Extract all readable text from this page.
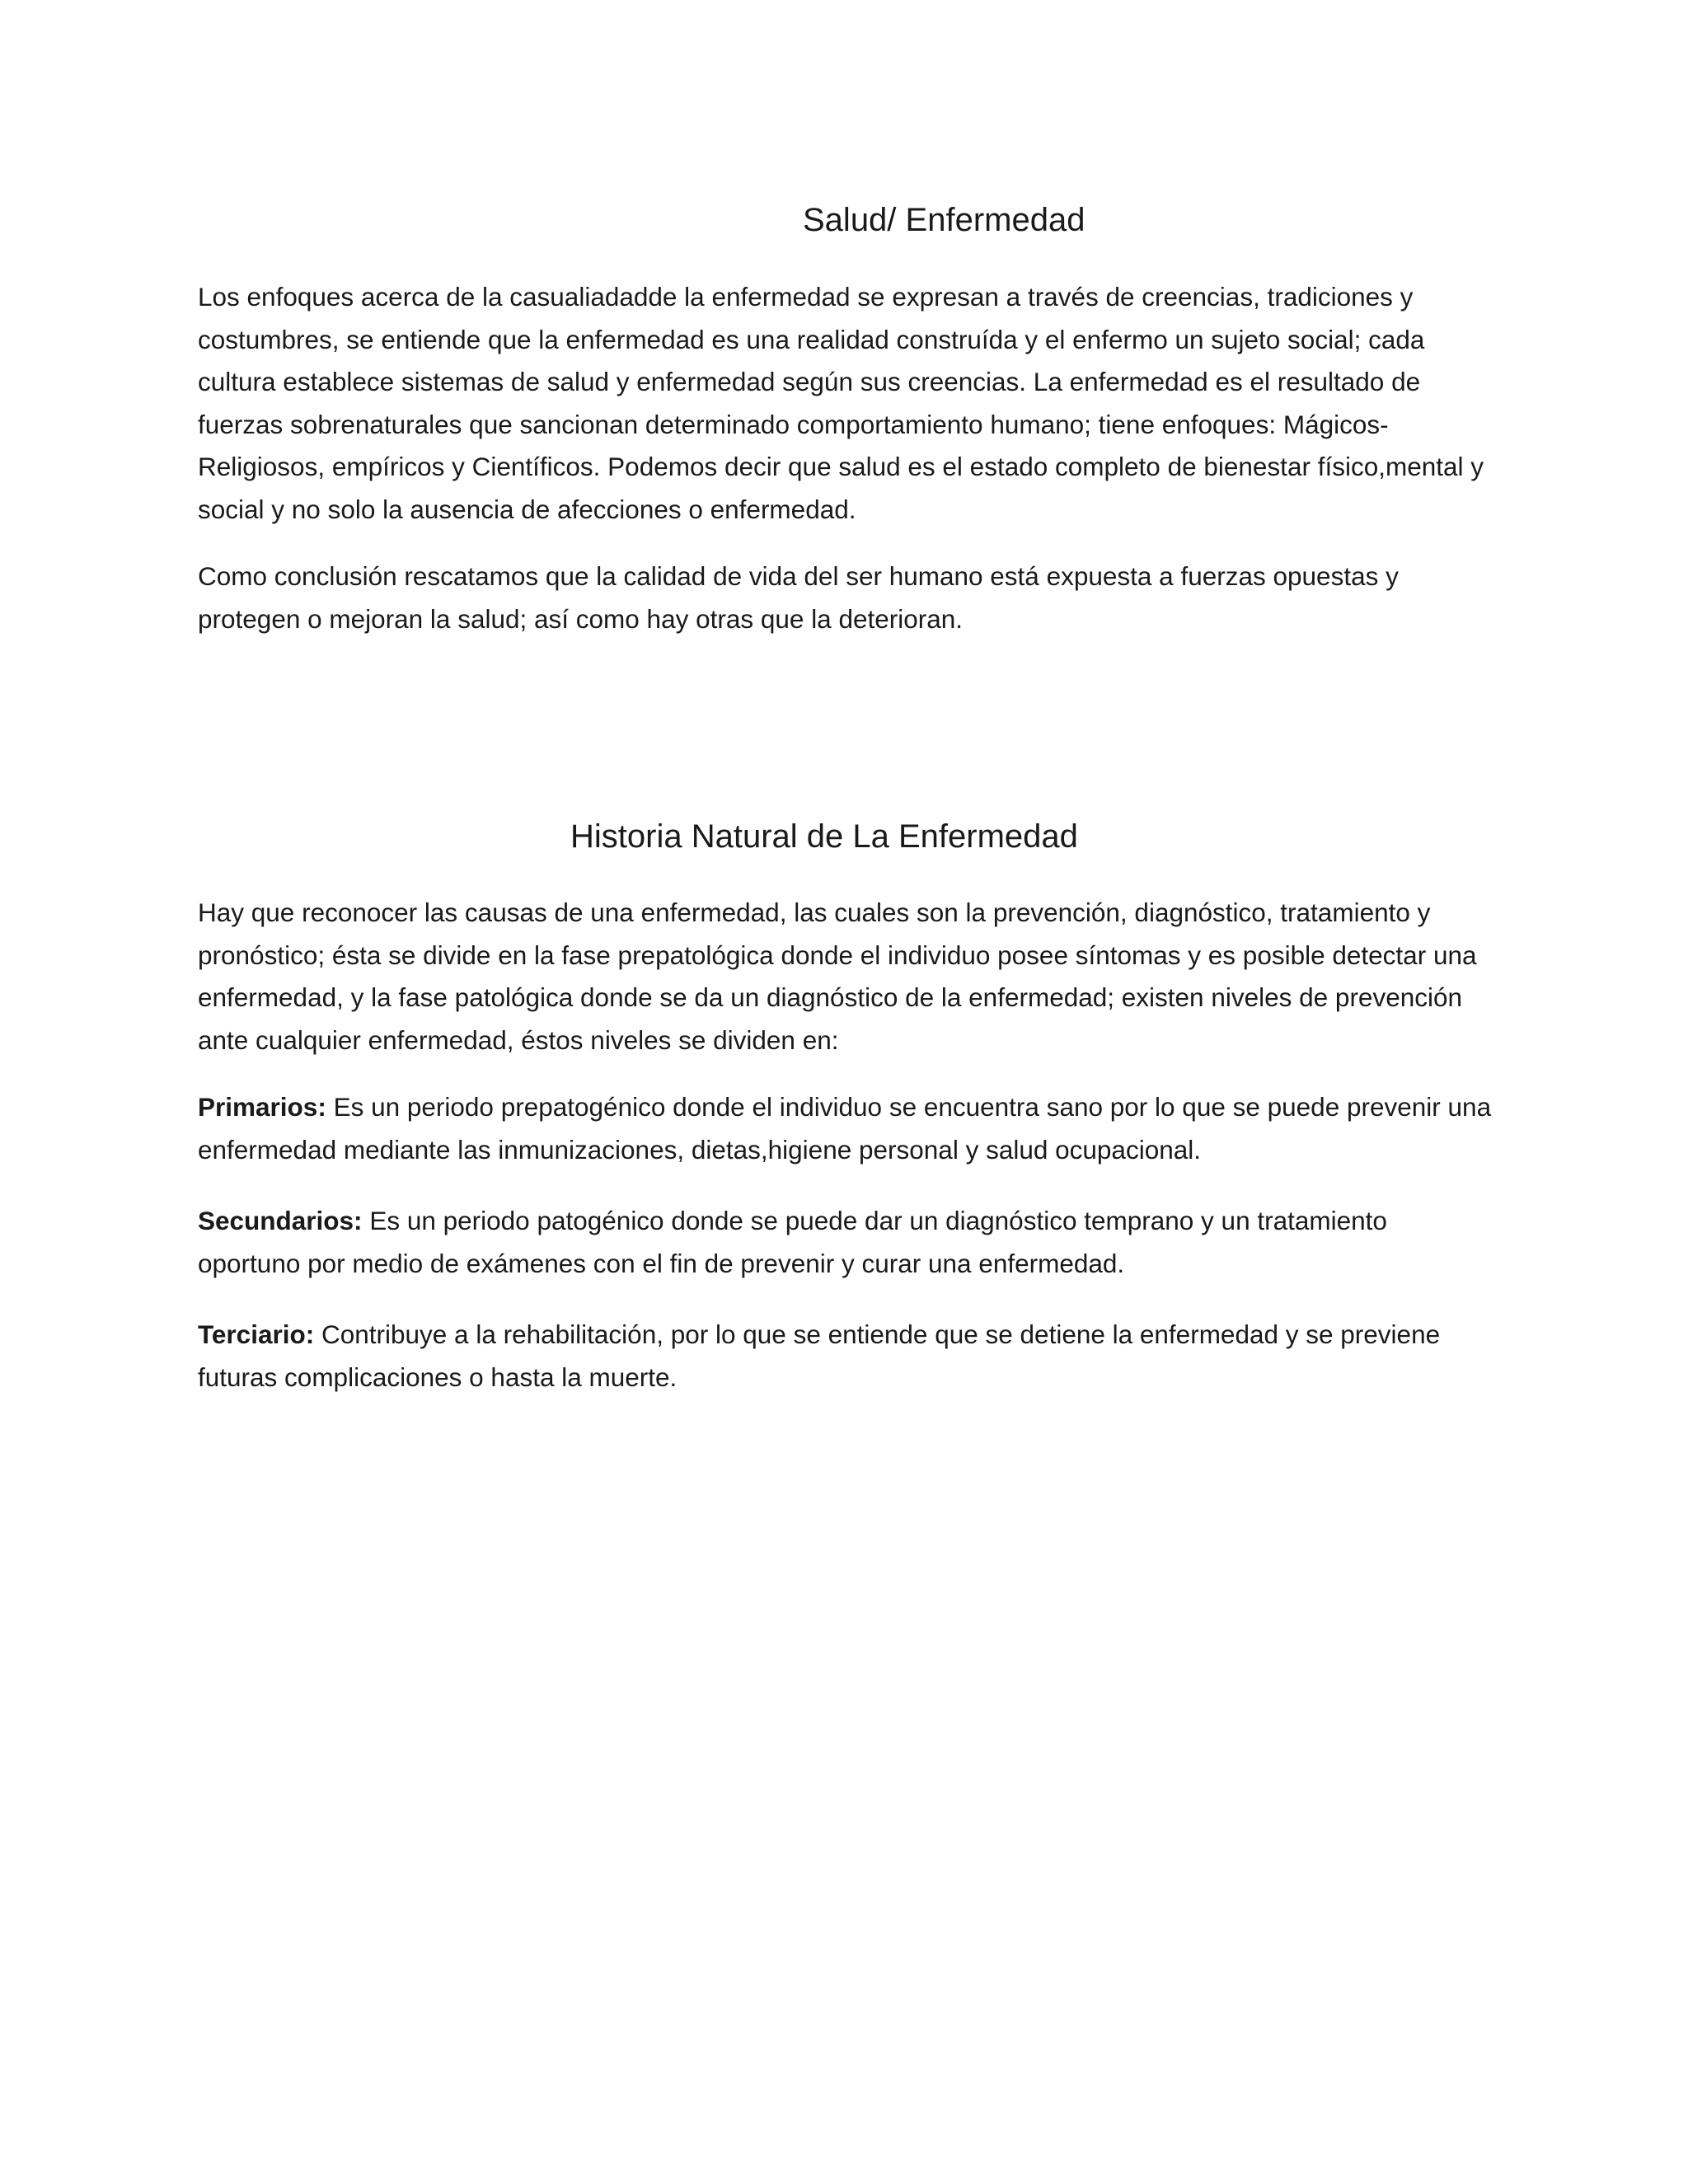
Salud/ Enfermedad

Los enfoques acerca de la casualiadadde la enfermedad se expresan a través de creencias, tradiciones y costumbres, se entiende que la enfermedad es una realidad construída y el enfermo un sujeto social; cada cultura establece sistemas de salud y enfermedad según sus creencias. La enfermedad es el resultado de fuerzas sobrenaturales que sancionan determinado comportamiento humano; tiene enfoques: Mágicos-Religiosos, empíricos y Científicos. Podemos decir que salud es el estado completo de bienestar físico,mental y social y no solo la ausencia de afecciones o enfermedad.

Como conclusión rescatamos que la calidad de vida del ser humano está expuesta a fuerzas opuestas y protegen o mejoran la salud; así como hay otras que la deterioran.

Historia Natural de La Enfermedad

Hay que reconocer las causas de una enfermedad, las cuales son la prevención, diagnóstico, tratamiento y pronóstico; ésta se divide en la fase prepatológica donde el individuo posee síntomas y es posible detectar una enfermedad, y la fase patológica donde se da un diagnóstico de la enfermedad; existen niveles de prevención ante cualquier enfermedad, éstos niveles se dividen en:

Primarios: Es un periodo prepatogénico donde el individuo se encuentra sano por lo que se puede prevenir una enfermedad mediante las inmunizaciones, dietas,higiene personal y salud ocupacional.

Secundarios: Es un periodo patogénico donde se puede dar un diagnóstico temprano y un tratamiento oportuno por medio de exámenes con el fin de prevenir y curar una enfermedad.

Terciario: Contribuye a la rehabilitación, por lo que se entiende que se detiene la enfermedad y se previene futuras complicaciones o hasta la muerte.
